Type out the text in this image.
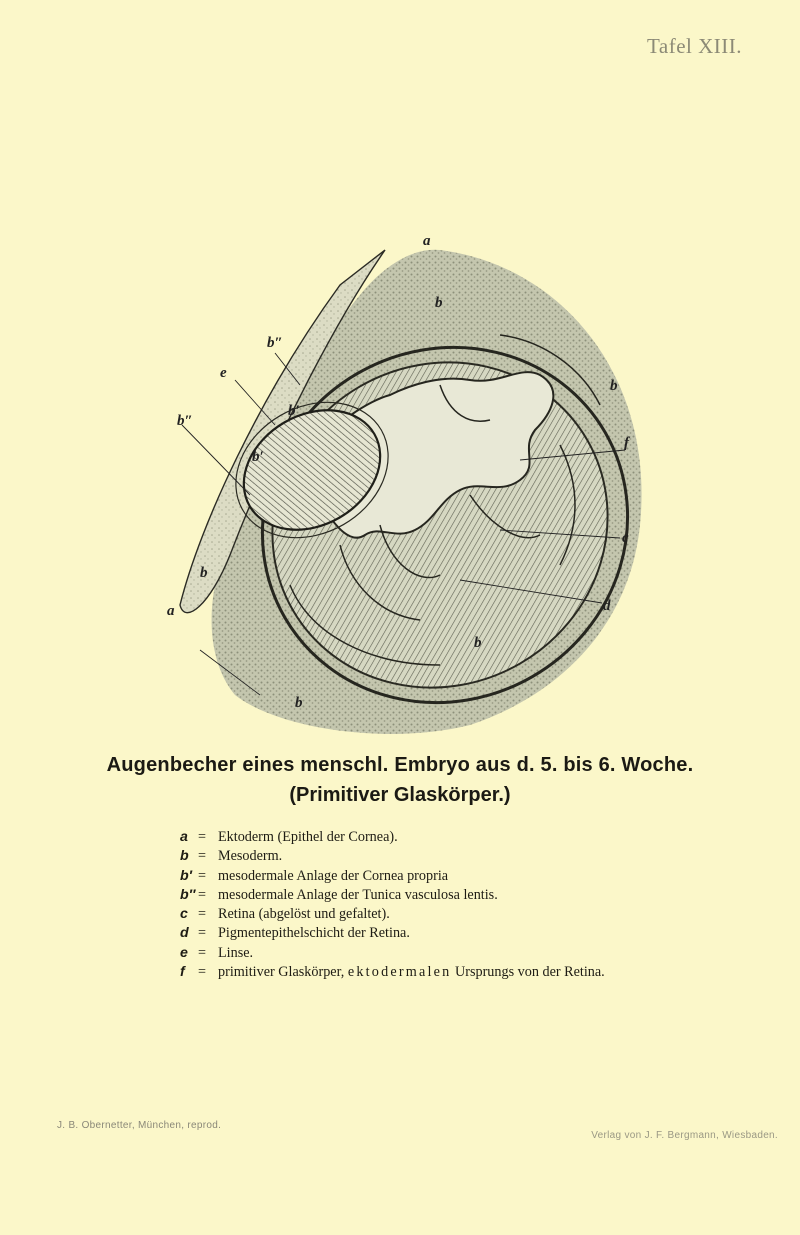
Tafel XIII.
a
b
b″
e
b″
b′
b′
b
f
c
d
b
a
b
b
Augenbecher eines menschl. Embryo aus d. 5. bis 6. Woche.
(Primitiver Glaskörper.)
a = Ektoderm (Epithel der Cornea).
b = Mesoderm.
b′ = mesodermale Anlage der Cornea propria
b″ = mesodermale Anlage der Tunica vasculosa lentis.
c = Retina (abgelöst und gefaltet).
d = Pigmentepithelschicht der Retina.
e = Linse.
f = primitiver Glaskörper,
ektodermalen
Ursprungs von der Retina.
J. B. Obernetter, München, reprod.
Verlag von J. F. Bergmann, Wiesbaden.
